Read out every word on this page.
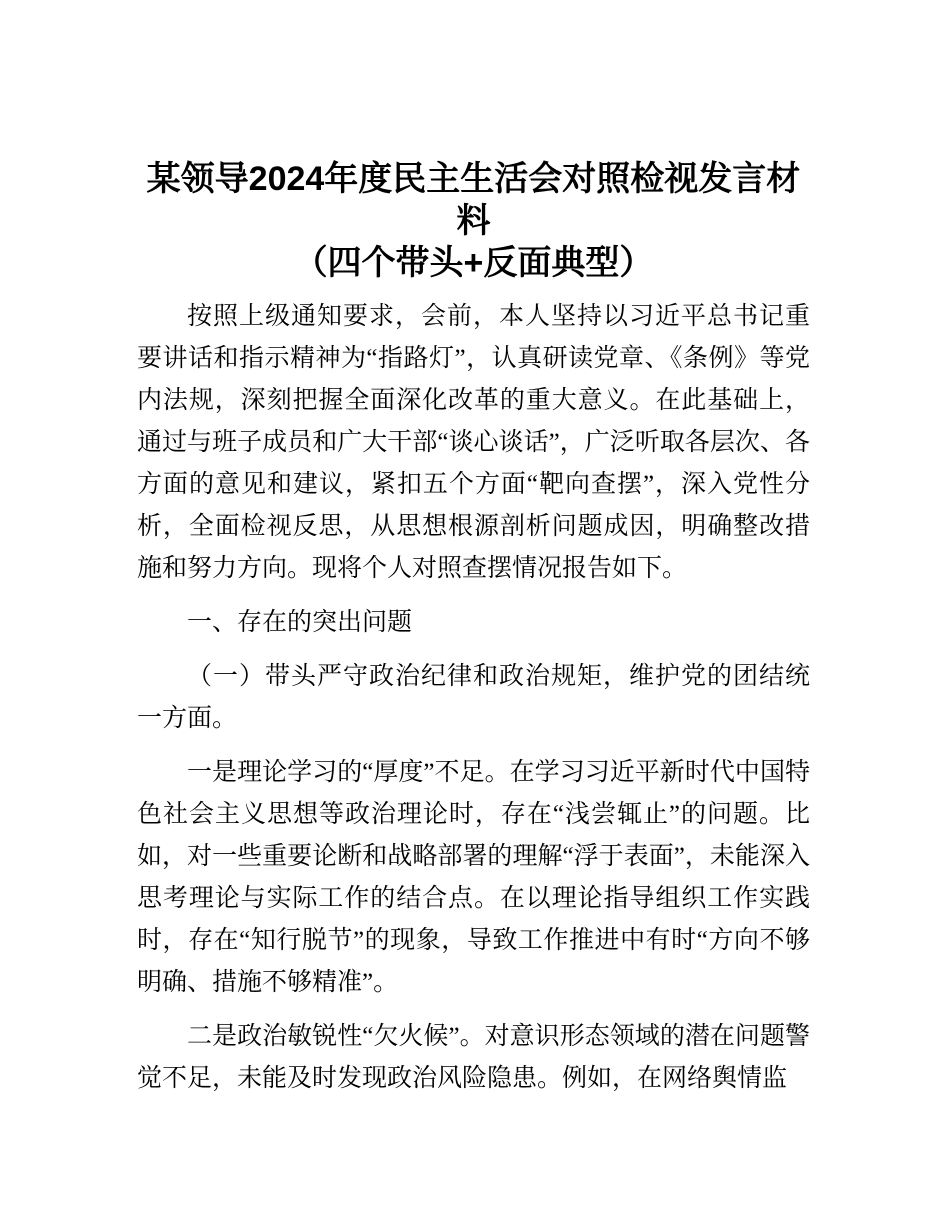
某领导2024年度民主生活会对照检视发言材料
（四个带头+反面典型）

按照上级通知要求，会前，本人坚持以习近平总书记重要讲话和指示精神为“指路灯”，认真研读党章、《条例》等党内法规，深刻把握全面深化改革的重大意义。在此基础上，通过与班子成员和广大干部“谈心谈话”，广泛听取各层次、各方面的意见和建议，紧扣五个方面“靶向查摆”，深入党性分析，全面检视反思，从思想根源剖析问题成因，明确整改措施和努力方向。现将个人对照查摆情况报告如下。

一、存在的突出问题

（一）带头严守政治纪律和政治规矩，维护党的团结统一方面。

一是理论学习的“厚度”不足。在学习习近平新时代中国特色社会主义思想等政治理论时，存在“浅尝辄止”的问题。比如，对一些重要论断和战略部署的理解“浮于表面”，未能深入思考理论与实际工作的结合点。在以理论指导组织工作实践时，存在“知行脱节”的现象，导致工作推进中有时“方向不够明确、措施不够精准”。

二是政治敏锐性“欠火候”。对意识形态领域的潜在问题警觉不足，未能及时发现政治风险隐患。例如，在网络舆情监
